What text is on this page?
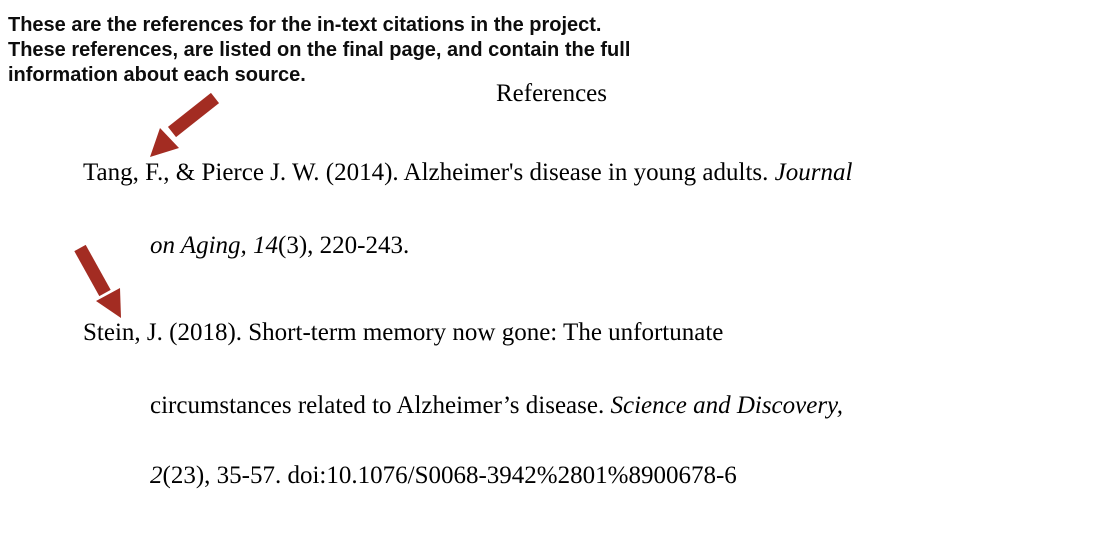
These are the references for the in-text citations in the project.
These references, are listed on the final page, and contain the full
information about each source.
References
Tang, F., & Pierce J. W. (2014). Alzheimer's disease in young adults. Journal
on Aging, 14(3), 220-243.
Stein, J. (2018). Short-term memory now gone: The unfortunate
circumstances related to Alzheimer’s disease. Science and Discovery,
2(23), 35-57. doi:10.1076/S0068-3942%2801%8900678-6
